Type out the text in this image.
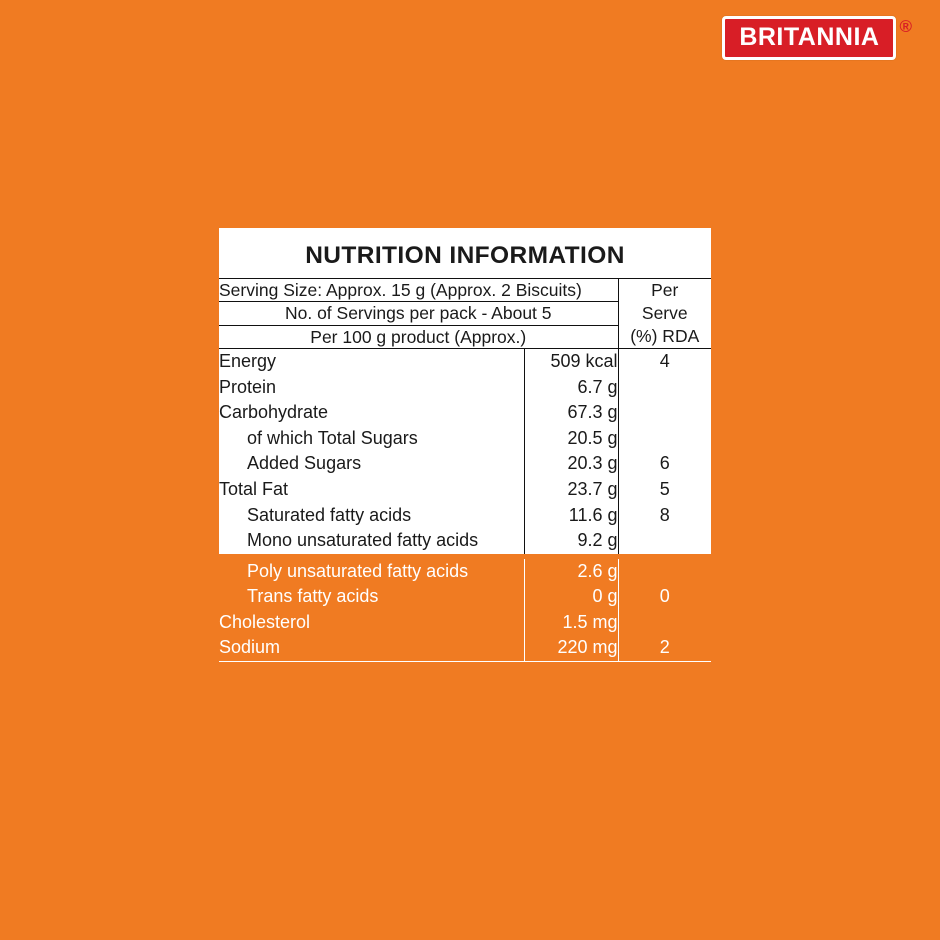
BRITANNIA ®
NUTRITION INFORMATION
Serving Size: Approx. 15 g (Approx. 2 Biscuits)		Per
Serve
(%) RDA
No. of Servings per pack - About 5		
Per 100 g product (Approx.)		
Energy	509 kcal	4
Protein	6.7 g	
Carbohydrate	67.3 g	
of which Total Sugars	20.5 g	
Added Sugars	20.3 g	6
Total Fat	23.7 g	5
Saturated fatty acids	11.6 g	8
Mono unsaturated fatty acids	9.2 g	
Poly unsaturated fatty acids	2.6 g	
Trans fatty acids	0 g	0
Cholesterol	1.5 mg	
Sodium	220 mg	2
